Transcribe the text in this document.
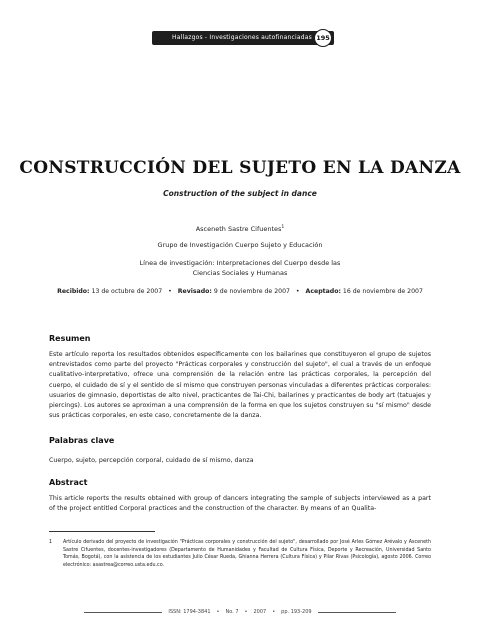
Hallazgos - Investigaciones autofinanciadas 195
CONSTRUCCIÓN DEL SUJETO EN LA DANZA
Construction of the subject in dance
Asceneth Sastre Cifuentes$^1$
Grupo de Investigación Cuerpo Sujeto y Educación
Línea de investigación: Interpretaciones del Cuerpo desde las Ciencias Sociales y Humanas
Recibido: 13 de octubre de 2007 • Revisado: 9 de noviembre de 2007 • Aceptado: 16 de noviembre de 2007
Resumen
Este artículo reporta los resultados obtenidos específicamente con los bailarines que constituyeron el grupo de sujetos entrevistados como parte del proyecto "Prácticas corporales y construcción del sujeto", el cual a través de un enfoque cualitativo-interpretativo, ofrece una comprensión de la relación entre las prácticas corporales, la percepción del cuerpo, el cuidado de sí y el sentido de sí mismo que construyen personas vinculadas a diferentes prácticas corporales: usuarios de gimnasio, deportistas de alto nivel, practicantes de Tai-Chi, bailarines y practicantes de body art (tatuajes y piercings). Los autores se aproximan a una comprensión de la forma en que los sujetos construyen su "sí mismo" desde sus prácticas corporales, en este caso, concretamente de la danza.
Palabras clave
Cuerpo, sujeto, percepción corporal, cuidado de sí mismo, danza
Abstract
This article reports the results obtained with group of dancers integrating the sample of subjects interviewed as a part of the project entitled Corporal practices and the construction of the character. By means of an Qualita-
1	Artículo derivado del proyecto de investigación "Prácticas corporales y construcción del sujeto", desarrollado por José Arles Gómez Arévalo y Asceneth Sastre Cifuentes, docentes-investigadores (Departamento de Humanidades y Facultad de Cultura Física, Deporte y Recreación, Universidad Santo Tomás, Bogotá), con la asistencia de los estudiantes Julio César Rueda, Ghianna Herrera (Cultura Física) y Pilar Rivas (Psicología), agosto 2006. Correo electrónico: asastrea@correo.usta.edu.co.
ISSN: 1794-3841 • No. 7 • 2007 • pp. 193-209
